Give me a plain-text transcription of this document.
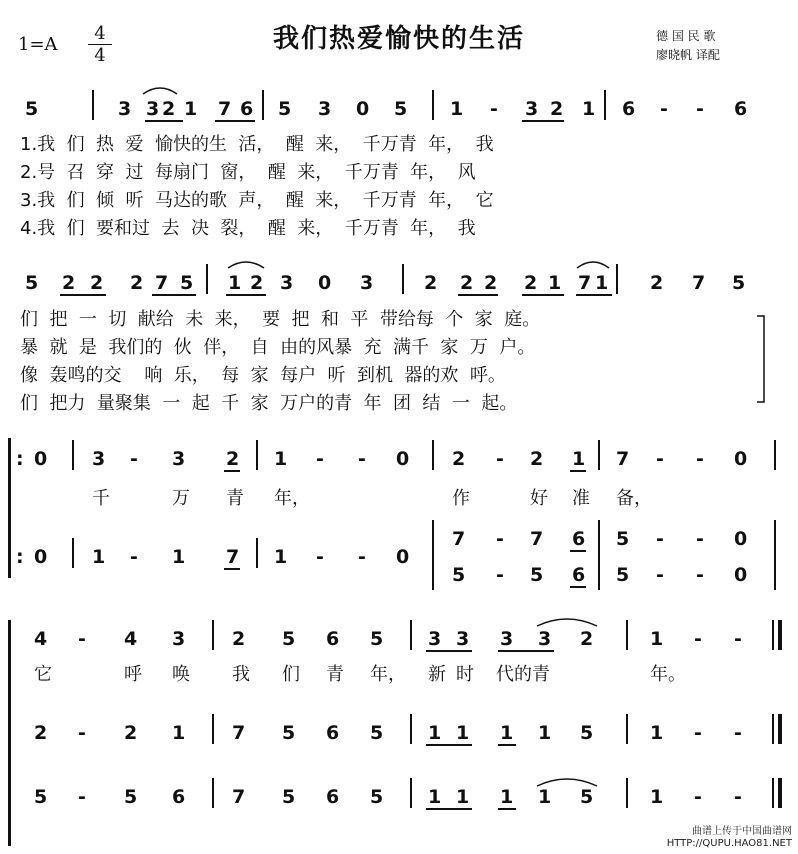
我们热爱愉快的生活
1=A
4
4
德 国 民 歌
廖晓帆 译配
5	3 3 2 1 7 6 5 3 0 5 1 - 3 2 1 6 - - 6
1.我  们  热  爱  愉快的生  活，  醒  来，  千万青  年，  我
2.号  召  穿  过  每扇门  窗，  醒  来，  千万青  年，  风
3.我  们  倾  听  马达的歌  声，  醒  来，  千万青  年，  它
4.我  们  要和过  去  决  裂，  醒  来，  千万青  年，  我
5 2 2 2 7 5 1 2 3 0 3	2 2 2 2 1 7 1 2 7 5
们  把  一  切  献给  未  来，  要  把  和  平  带给每  个  家  庭。
暴  就  是  我们的  伙  伴，  自  由的风暴  充  满千  家  万  户。
像  轰鸣的交    响  乐，  每  家  每户  听  到机  器的欢  呼。
们  把力  量聚集  一  起  千  家  万户的青  年  团  结  一  起。
: 0 3 - 3 2 1 - - 0 2 - 2 1 7 - - 0
千	万 青 年，	作	好 准 备，
: 0 1 - 1 7 1 - - 0
7 - 7 6 5 - - 0
5 - 5 6 5 - - 0
4 - 4 3 2 5 6 5 3 3 3 3 2	1 - -
它	呼 唤 我 们 青 年， 新 时 代的青	年。
2 - 2 1 7 5 6 5 1 1 1 1 5	1 - -
5 - 5 6 7 5 6 5 1 1 1 1 5	1 - -
曲谱上传于中国曲谱网
HTTP://QUPU.HAO81.NET
